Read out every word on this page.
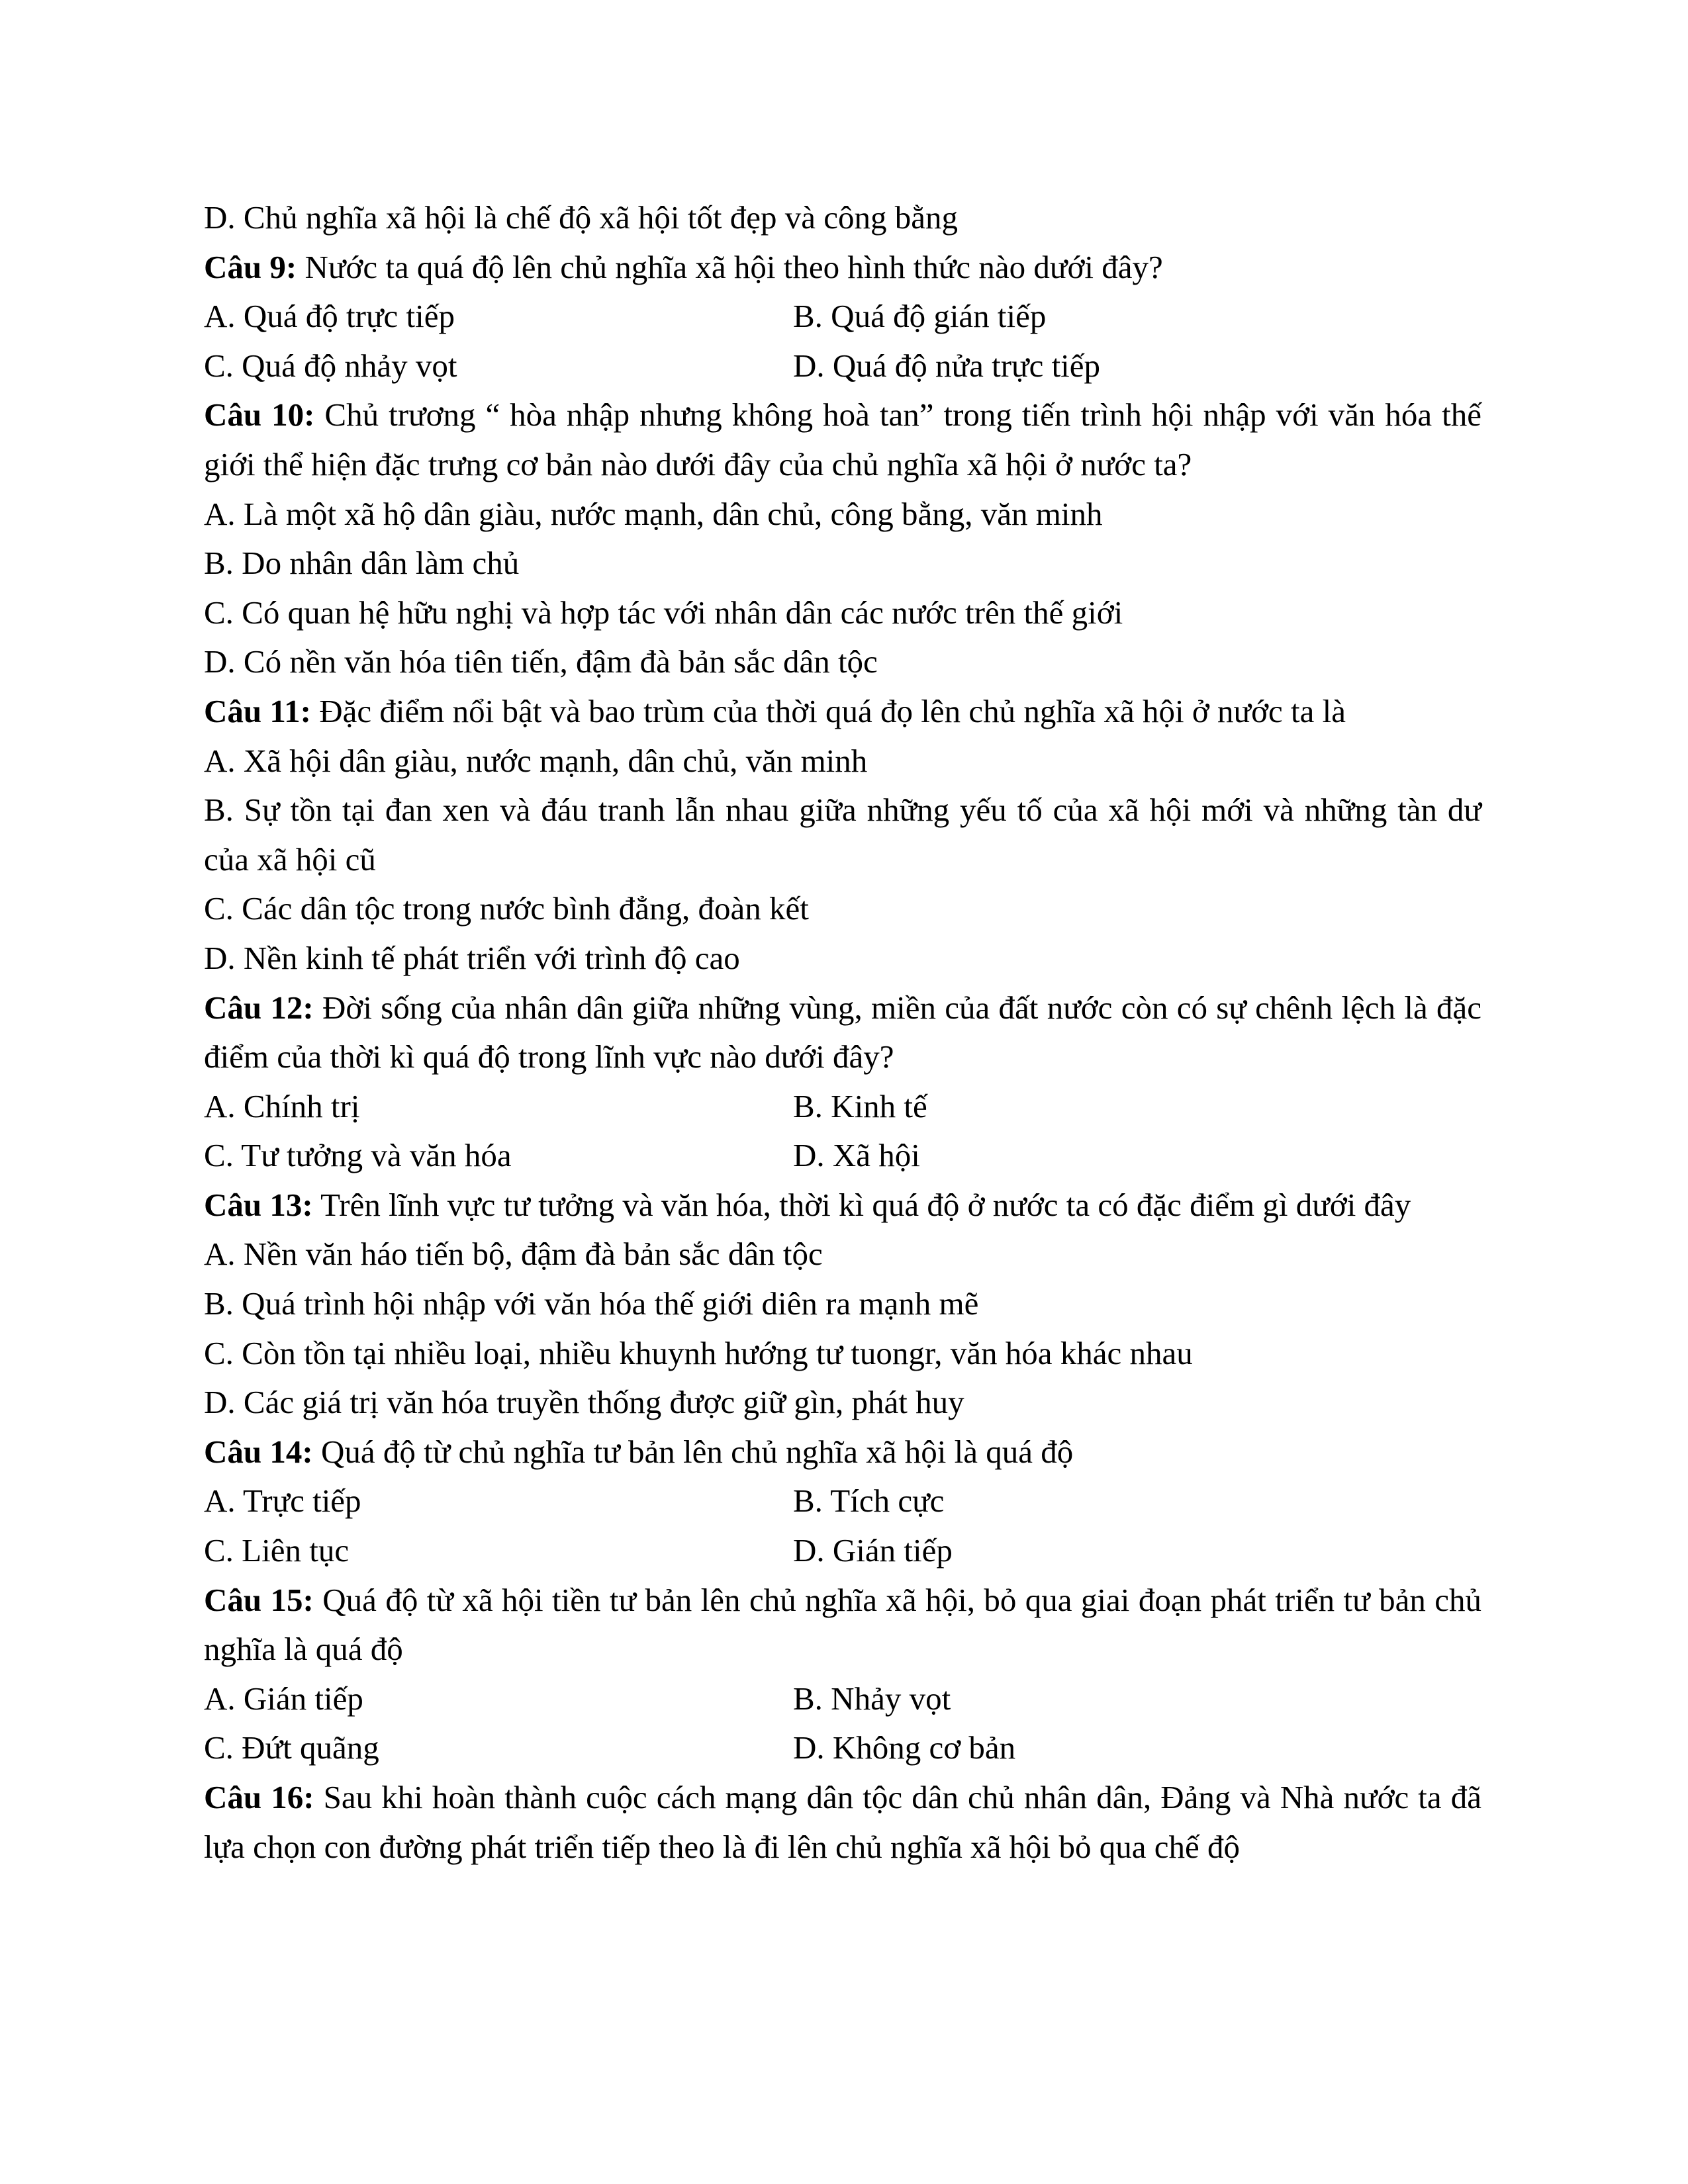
D. Chủ nghĩa xã hội là chế độ xã hội tốt đẹp và công bằng
Câu 9: Nước ta quá độ lên chủ nghĩa xã hội theo hình thức nào dưới đây?
A. Quá độ trực tiếp	B. Quá độ gián tiếp
C. Quá độ nhảy vọt	D. Quá độ nửa trực tiếp
Câu 10: Chủ trương “ hòa nhập nhưng không hoà tan” trong tiến trình hội nhập với văn hóa thế giới thể hiện đặc trưng cơ bản nào dưới đây của chủ nghĩa xã hội ở nước ta?
A. Là một xã hộ dân giàu, nước mạnh, dân chủ, công bằng, văn minh
B. Do nhân dân làm chủ
C. Có quan hệ hữu nghị và hợp tác với nhân dân các nước trên thế giới
D. Có nền văn hóa tiên tiến, đậm đà bản sắc dân tộc
Câu 11: Đặc điểm nổi bật và bao trùm của thời quá đọ lên chủ nghĩa xã hội ở nước ta là
A. Xã hội dân giàu, nước mạnh, dân chủ, văn minh
B. Sự tồn tại đan xen và đáu tranh lẫn nhau giữa những yếu tố của xã hội mới và những tàn dư của xã hội cũ
C. Các dân tộc trong nước bình đẳng, đoàn kết
D. Nền kinh tế phát triển với trình độ cao
Câu 12: Đời sống của nhân dân giữa những vùng, miền của đất nước còn có sự chênh lệch là đặc điểm của thời kì quá độ trong lĩnh vực nào dưới đây?
A. Chính trị	B. Kinh tế
C. Tư tưởng và văn hóa	D. Xã hội
Câu 13: Trên lĩnh vực tư tưởng và văn hóa, thời kì quá độ ở nước ta có đặc điểm gì dưới đây
A. Nền văn háo tiến bộ, đậm đà bản sắc dân tộc
B. Quá trình hội nhập với văn hóa thế giới diên ra mạnh mẽ
C. Còn tồn tại nhiều loại, nhiều khuynh hướng tư tuongr, văn hóa khác nhau
D. Các giá trị văn hóa truyền thống được giữ gìn, phát huy
Câu 14: Quá độ từ chủ nghĩa tư bản lên chủ nghĩa xã hội là quá độ
A. Trực tiếp	B. Tích cực
C. Liên tục	D. Gián tiếp
Câu 15: Quá độ từ xã hội tiền tư bản lên chủ nghĩa xã hội, bỏ qua giai đoạn phát triển tư bản chủ nghĩa là quá độ
A. Gián tiếp	B. Nhảy vọt
C. Đứt quãng	D. Không cơ bản
Câu 16: Sau khi hoàn thành cuộc cách mạng dân tộc dân chủ nhân dân, Đảng và Nhà nước ta đã lựa chọn con đường phát triển tiếp theo là đi lên chủ nghĩa xã hội bỏ qua chế độ
